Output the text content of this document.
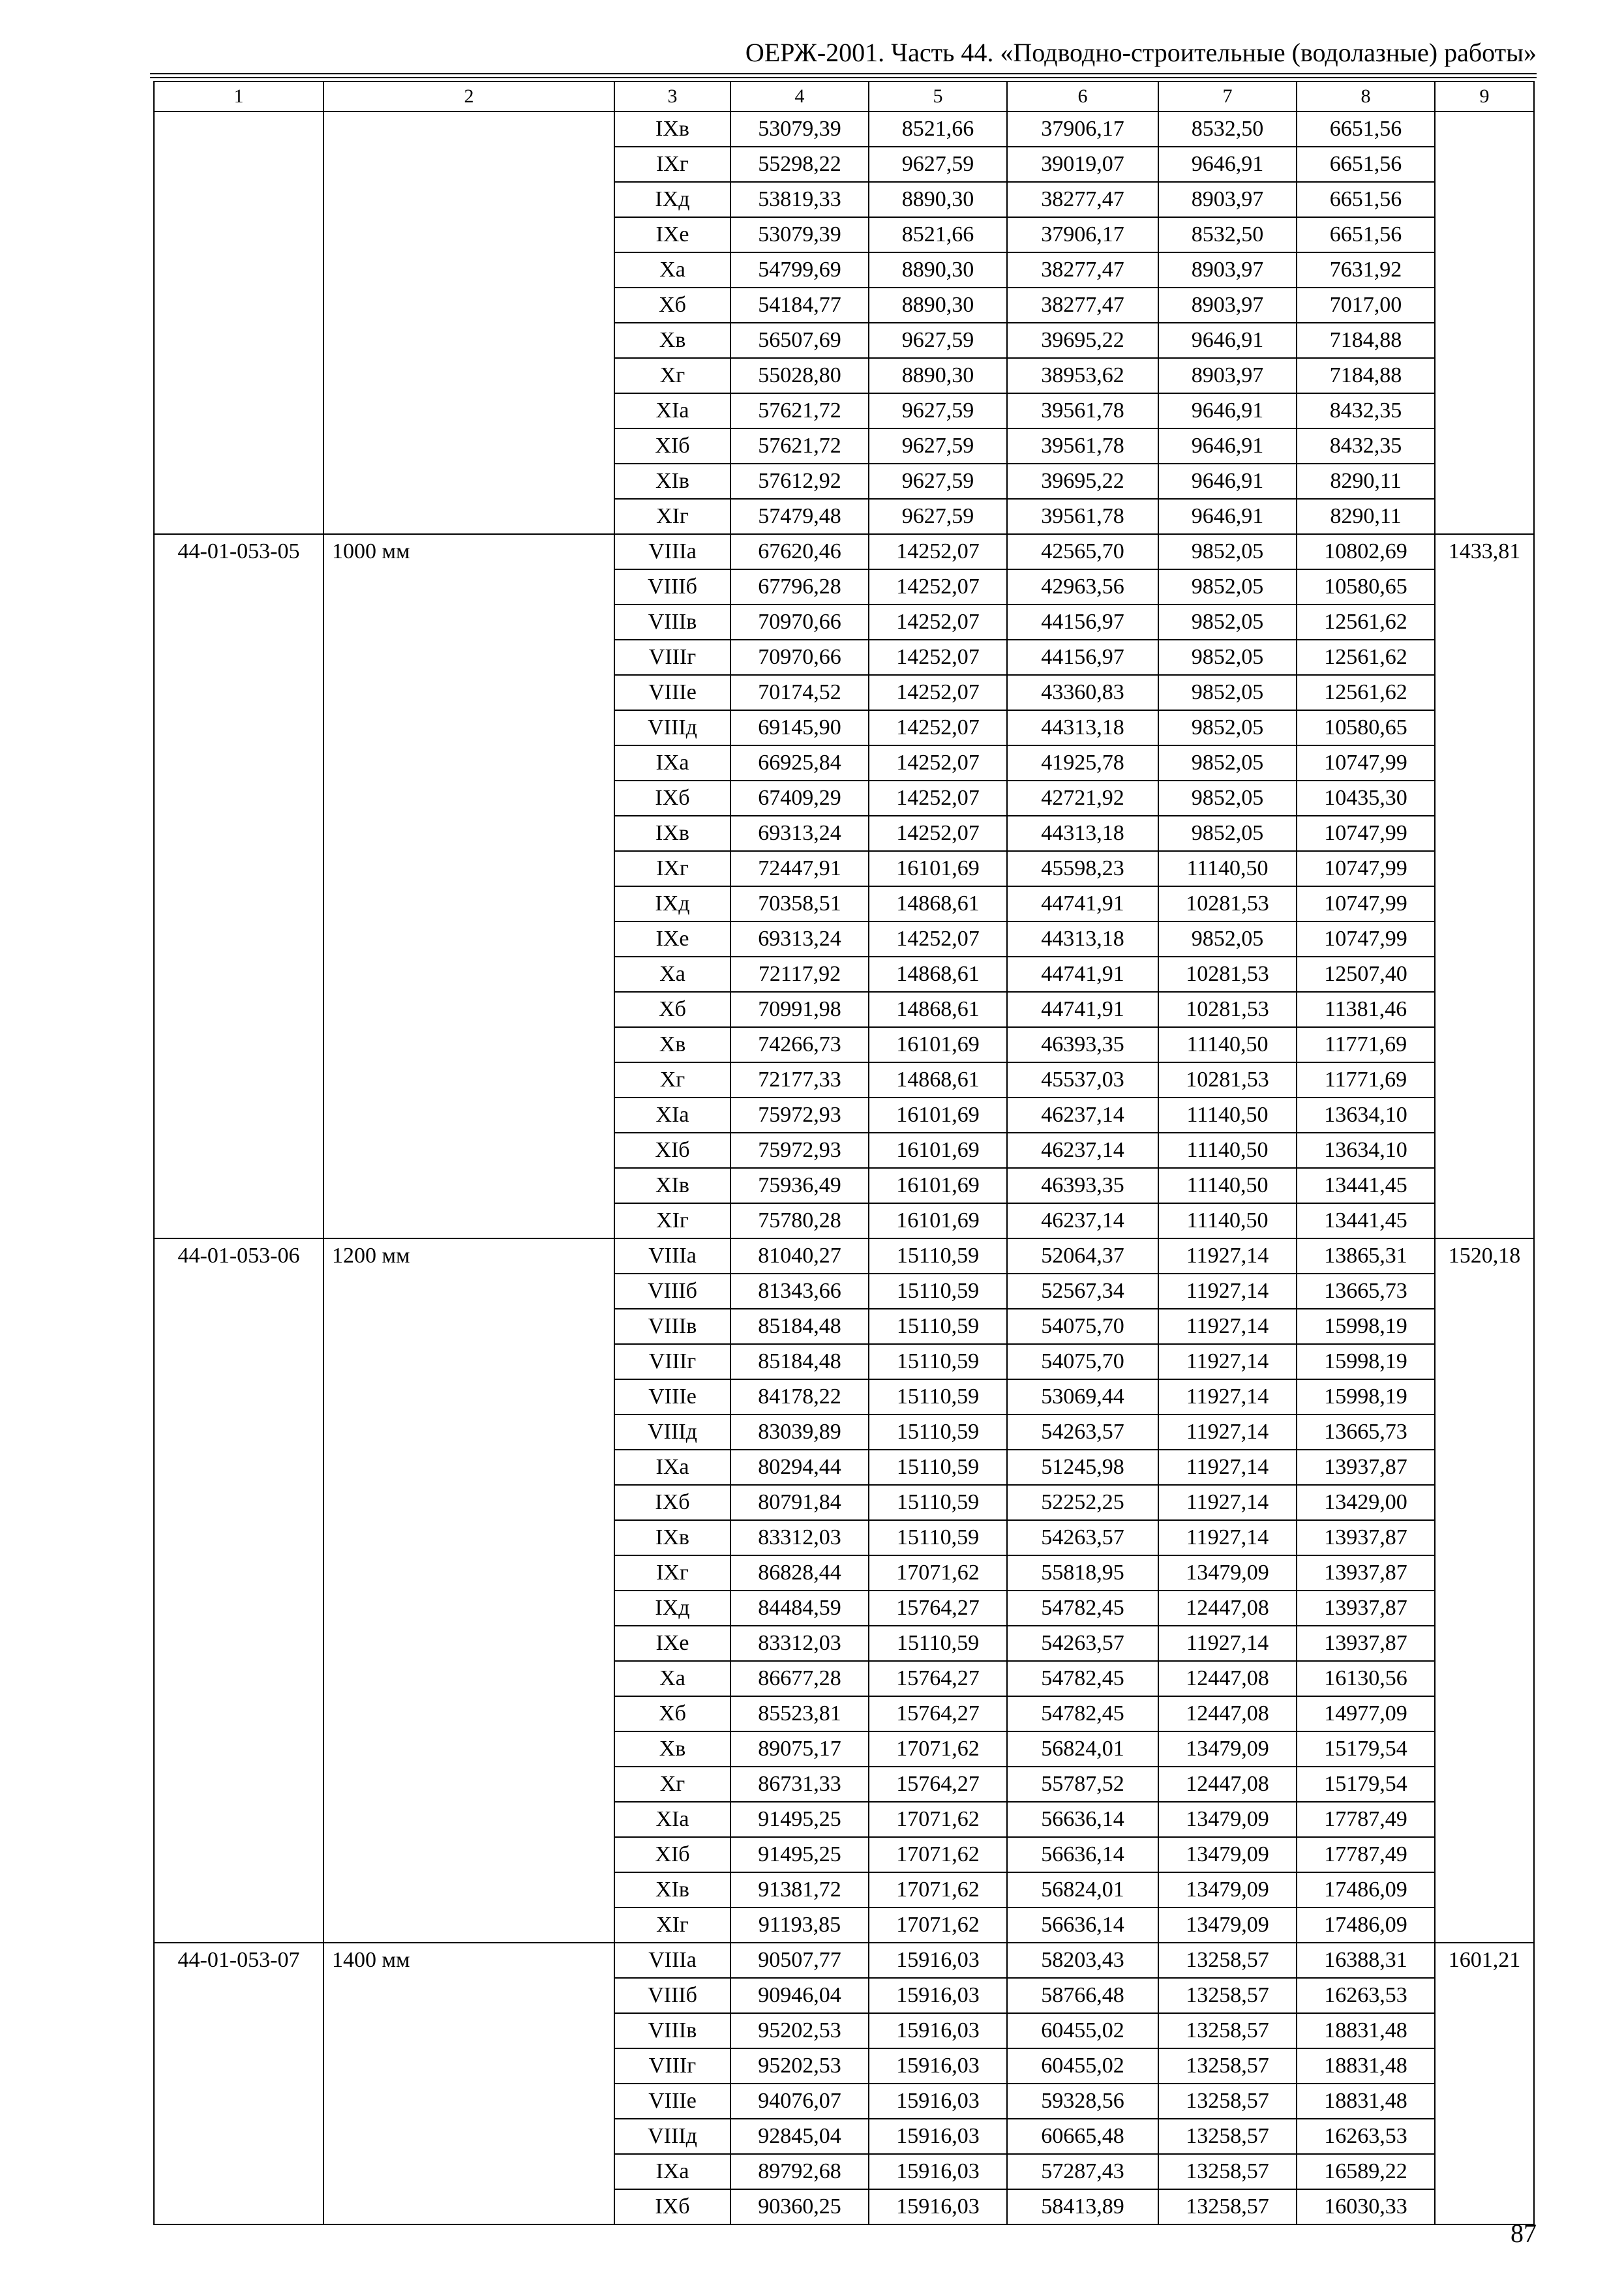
ОЕРЖ-2001. Часть 44. «Подводно-строительные (водолазные) работы»
1	2	3	4	5	6	7	8	9
		IXв	53079,39	8521,66	37906,17	8532,50	6651,56	
		IXг	55298,22	9627,59	39019,07	9646,91	6651,56	
		IXд	53819,33	8890,30	38277,47	8903,97	6651,56	
		IXе	53079,39	8521,66	37906,17	8532,50	6651,56	
		Xа	54799,69	8890,30	38277,47	8903,97	7631,92	
		Xб	54184,77	8890,30	38277,47	8903,97	7017,00	
		Xв	56507,69	9627,59	39695,22	9646,91	7184,88	
		Xг	55028,80	8890,30	38953,62	8903,97	7184,88	
		XIа	57621,72	9627,59	39561,78	9646,91	8432,35	
		XIб	57621,72	9627,59	39561,78	9646,91	8432,35	
		XIв	57612,92	9627,59	39695,22	9646,91	8290,11	
		XIг	57479,48	9627,59	39561,78	9646,91	8290,11	
44-01-053-05	1000 мм	VIIIа	67620,46	14252,07	42565,70	9852,05	10802,69	1433,81
		VIIIб	67796,28	14252,07	42963,56	9852,05	10580,65	
		VIIIв	70970,66	14252,07	44156,97	9852,05	12561,62	
		VIIIг	70970,66	14252,07	44156,97	9852,05	12561,62	
		VIIIе	70174,52	14252,07	43360,83	9852,05	12561,62	
		VIIIд	69145,90	14252,07	44313,18	9852,05	10580,65	
		IXа	66925,84	14252,07	41925,78	9852,05	10747,99	
		IXб	67409,29	14252,07	42721,92	9852,05	10435,30	
		IXв	69313,24	14252,07	44313,18	9852,05	10747,99	
		IXг	72447,91	16101,69	45598,23	11140,50	10747,99	
		IXд	70358,51	14868,61	44741,91	10281,53	10747,99	
		IXе	69313,24	14252,07	44313,18	9852,05	10747,99	
		Xа	72117,92	14868,61	44741,91	10281,53	12507,40	
		Xб	70991,98	14868,61	44741,91	10281,53	11381,46	
		Xв	74266,73	16101,69	46393,35	11140,50	11771,69	
		Xг	72177,33	14868,61	45537,03	10281,53	11771,69	
		XIа	75972,93	16101,69	46237,14	11140,50	13634,10	
		XIб	75972,93	16101,69	46237,14	11140,50	13634,10	
		XIв	75936,49	16101,69	46393,35	11140,50	13441,45	
		XIг	75780,28	16101,69	46237,14	11140,50	13441,45	
44-01-053-06	1200 мм	VIIIа	81040,27	15110,59	52064,37	11927,14	13865,31	1520,18
		VIIIб	81343,66	15110,59	52567,34	11927,14	13665,73	
		VIIIв	85184,48	15110,59	54075,70	11927,14	15998,19	
		VIIIг	85184,48	15110,59	54075,70	11927,14	15998,19	
		VIIIе	84178,22	15110,59	53069,44	11927,14	15998,19	
		VIIIд	83039,89	15110,59	54263,57	11927,14	13665,73	
		IXа	80294,44	15110,59	51245,98	11927,14	13937,87	
		IXб	80791,84	15110,59	52252,25	11927,14	13429,00	
		IXв	83312,03	15110,59	54263,57	11927,14	13937,87	
		IXг	86828,44	17071,62	55818,95	13479,09	13937,87	
		IXд	84484,59	15764,27	54782,45	12447,08	13937,87	
		IXе	83312,03	15110,59	54263,57	11927,14	13937,87	
		Xа	86677,28	15764,27	54782,45	12447,08	16130,56	
		Xб	85523,81	15764,27	54782,45	12447,08	14977,09	
		Xв	89075,17	17071,62	56824,01	13479,09	15179,54	
		Xг	86731,33	15764,27	55787,52	12447,08	15179,54	
		XIа	91495,25	17071,62	56636,14	13479,09	17787,49	
		XIб	91495,25	17071,62	56636,14	13479,09	17787,49	
		XIв	91381,72	17071,62	56824,01	13479,09	17486,09	
		XIг	91193,85	17071,62	56636,14	13479,09	17486,09	
44-01-053-07	1400 мм	VIIIа	90507,77	15916,03	58203,43	13258,57	16388,31	1601,21
		VIIIб	90946,04	15916,03	58766,48	13258,57	16263,53	
		VIIIв	95202,53	15916,03	60455,02	13258,57	18831,48	
		VIIIг	95202,53	15916,03	60455,02	13258,57	18831,48	
		VIIIе	94076,07	15916,03	59328,56	13258,57	18831,48	
		VIIIд	92845,04	15916,03	60665,48	13258,57	16263,53	
		IXа	89792,68	15916,03	57287,43	13258,57	16589,22	
		IXб	90360,25	15916,03	58413,89	13258,57	16030,33	
87
